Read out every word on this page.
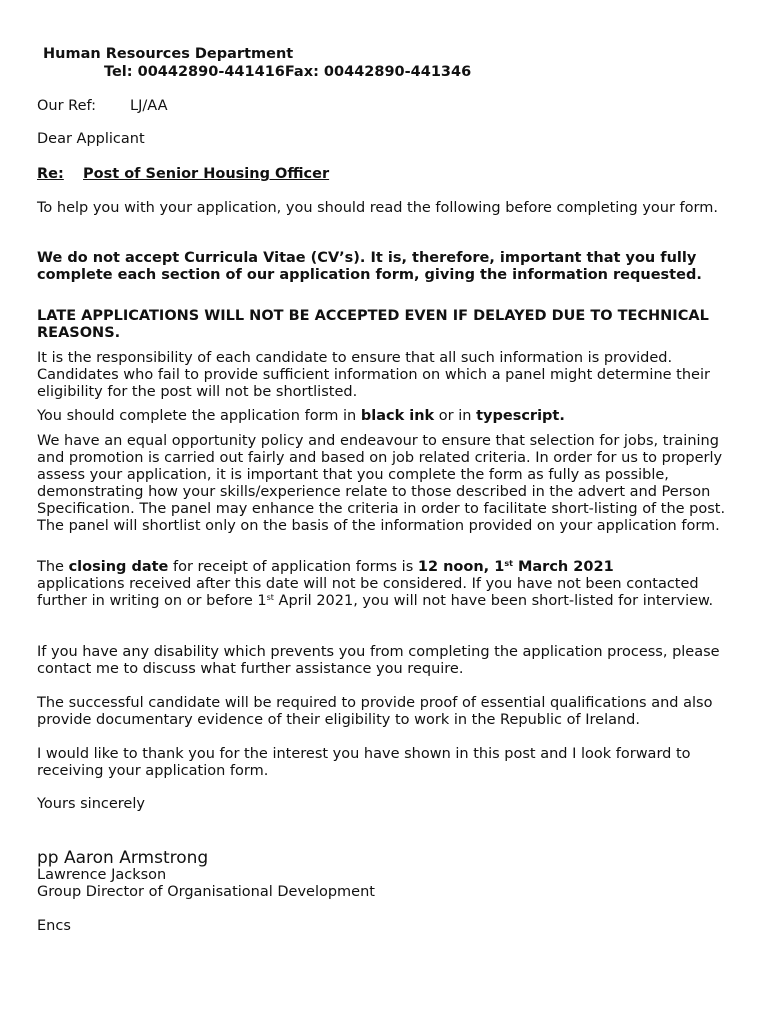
Human Resources Department
Tel: 00442890-441416Fax: 00442890-441346
Our Ref: LJ/AA
Dear Applicant
Re: Post of Senior Housing Officer
To help you with your application, you should read the following before completing your form.
We do not accept Curricula Vitae (CV’s). It is, therefore, important that you fully complete each section of our application form, giving the information requested.
LATE APPLICATIONS WILL NOT BE ACCEPTED EVEN IF DELAYED DUE TO TECHNICAL REASONS.
It is the responsibility of each candidate to ensure that all such information is provided. Candidates who fail to provide sufficient information on which a panel might determine their eligibility for the post will not be shortlisted.
You should complete the application form in black ink or in typescript.
We have an equal opportunity policy and endeavour to ensure that selection for jobs, training and promotion is carried out fairly and based on job related criteria. In order for us to properly assess your application, it is important that you complete the form as fully as possible, demonstrating how your skills/experience relate to those described in the advert and Person Specification. The panel may enhance the criteria in order to facilitate short-listing of the post. The panel will shortlist only on the basis of the information provided on your application form.
The closing date for receipt of application forms is 12 noon, 1st March 2021
applications received after this date will not be considered. If you have not been contacted further in writing on or before 1st April 2021, you will not have been short-listed for interview.
If you have any disability which prevents you from completing the application process, please contact me to discuss what further assistance you require.
The successful candidate will be required to provide proof of essential qualifications and also provide documentary evidence of their eligibility to work in the Republic of Ireland.
I would like to thank you for the interest you have shown in this post and I look forward to receiving your application form.
Yours sincerely
pp Aaron Armstrong
Lawrence Jackson
Group Director of Organisational Development
Encs
